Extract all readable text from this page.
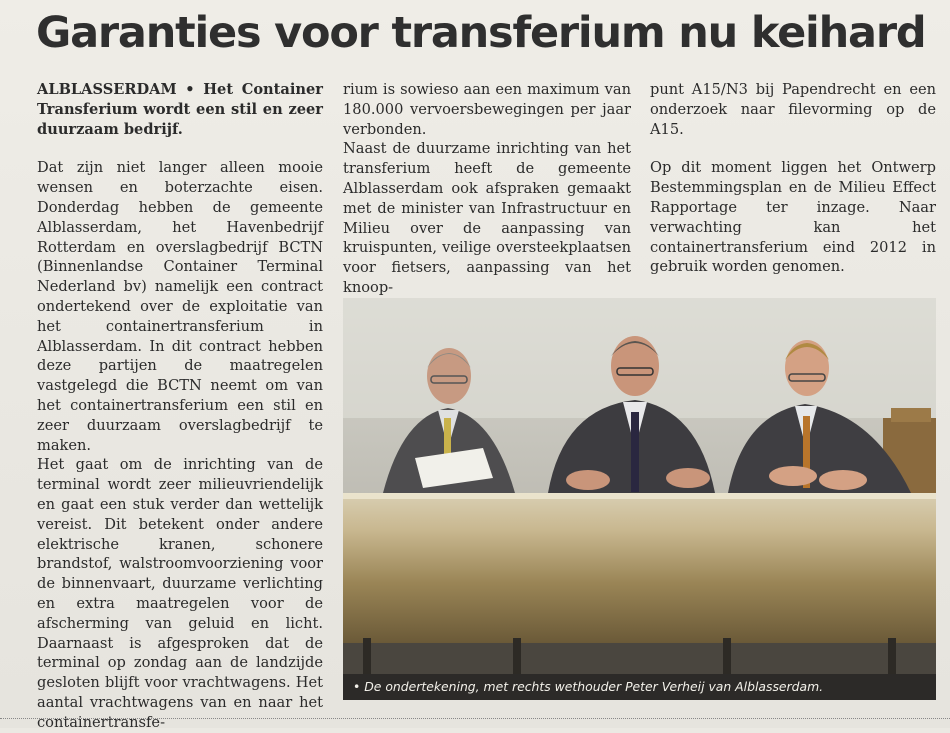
Garanties voor transferium nu keihard

ALBLASSERDAM • Het Container Transferium wordt een stil en zeer duurzaam bedrijf.

Dat zijn niet langer alleen mooie wensen en boterzachte eisen. Donderdag hebben de gemeente Alblasserdam, het Havenbedrijf Rotterdam en overslagbedrijf BCTN (Binnenlandse Container Terminal Nederland bv) namelijk een contract ondertekend over de exploitatie van het containertransferium in Alblasserdam. In dit contract hebben deze partijen de maatregelen vastgelegd die BCTN neemt om van het containertransferium een stil en zeer duurzaam overslagbedrijf te maken.

Het gaat om de inrichting van de terminal wordt zeer milieuvriendelijk en gaat een stuk verder dan wettelijk vereist. Dit betekent onder andere elektrische kranen, schonere brandstof, walstroomvoorziening voor de binnenvaart, duurzame verlichting en extra maatregelen voor de afscherming van geluid en licht. Daarnaast is afgesproken dat de terminal op zondag aan de landzijde gesloten blijft voor vrachtwagens. Het aantal vrachtwagens van en naar het containertransfe-

rium is sowieso aan een maximum van 180.000 vervoersbewegingen per jaar verbonden.

Naast de duurzame inrichting van het transferium heeft de gemeente Alblasserdam ook afspraken gemaakt met de minister van Infrastructuur en Milieu over de aanpassing van kruispunten, veilige oversteekplaatsen voor fietsers, aanpassing van het knoop-

punt A15/N3 bij Papendrecht en een onderzoek naar filevorming op de A15.

Op dit moment liggen het Ontwerp Bestemmingsplan en de Milieu Effect Rapportage ter inzage. Naar verwachting kan het containertransferium eind 2012 in gebruik worden genomen.

• De ondertekening, met rechts wethouder Peter Verheij van Alblasserdam.
